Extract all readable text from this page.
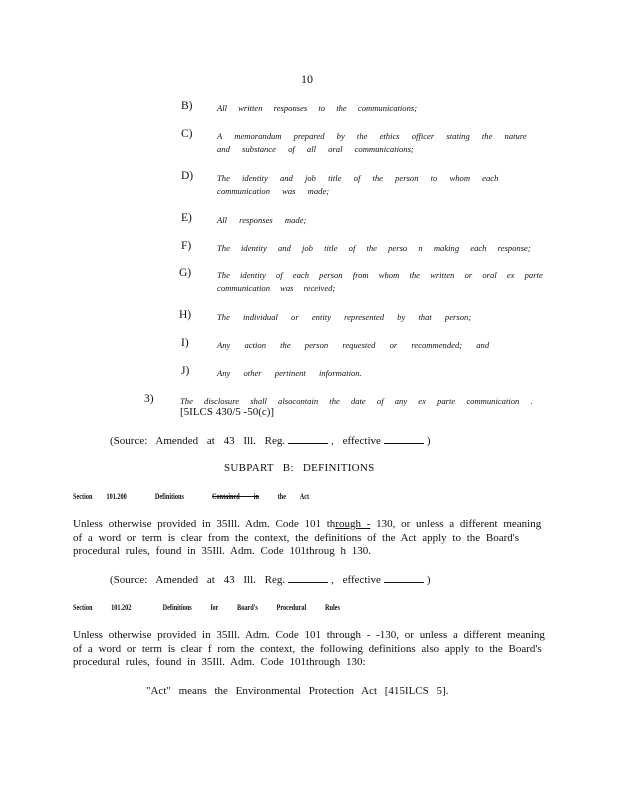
10
B)	All written responses to the communications;
C)	A memorandum prepared by the ethics officer stating the nature
and substance of all oral communications;
D)	The identity and job title of the person to whom each
communication was made;
E)	All responses made;
F)	The identity and job title of the perso n making each response;
G)	The identity of each person from whom the written or oral ex parte
communication was received;
H)	The individual or entity represented by that person;
I)	Any action the person requested or recommended; and
J)	Any other pertinent information.
3)	The disclosure shall alsocontain the date of any ex parte communication .
[5ILCS 430/5 -50(c)]
(Source: Amended at 43 Ill. Reg.	, effective	)
SUBPART B: DEFINITIONS
Section 101.200	Definitions	Contained in the Act
Unless otherwise provided in 35Ill. Adm. Code 101 through - 130, or unless a different meaning
of a word or term is clear from the context, the definitions of the Act apply to the Board's
procedural rules, found in 35Ill. Adm. Code 101throug h 130.
(Source: Amended at 43 Ill. Reg.	, effective	)
Section 101.202	Definitions for Board's Procedural Rules
Unless otherwise provided in 35Ill. Adm. Code 101 through - -130, or unless a different meaning
of a word or term is clear f rom the context, the following definitions also apply to the Board's
procedural rules, found in 35Ill. Adm. Code 101through 130:
"Act" means the Environmental Protection Act [415ILCS 5].
